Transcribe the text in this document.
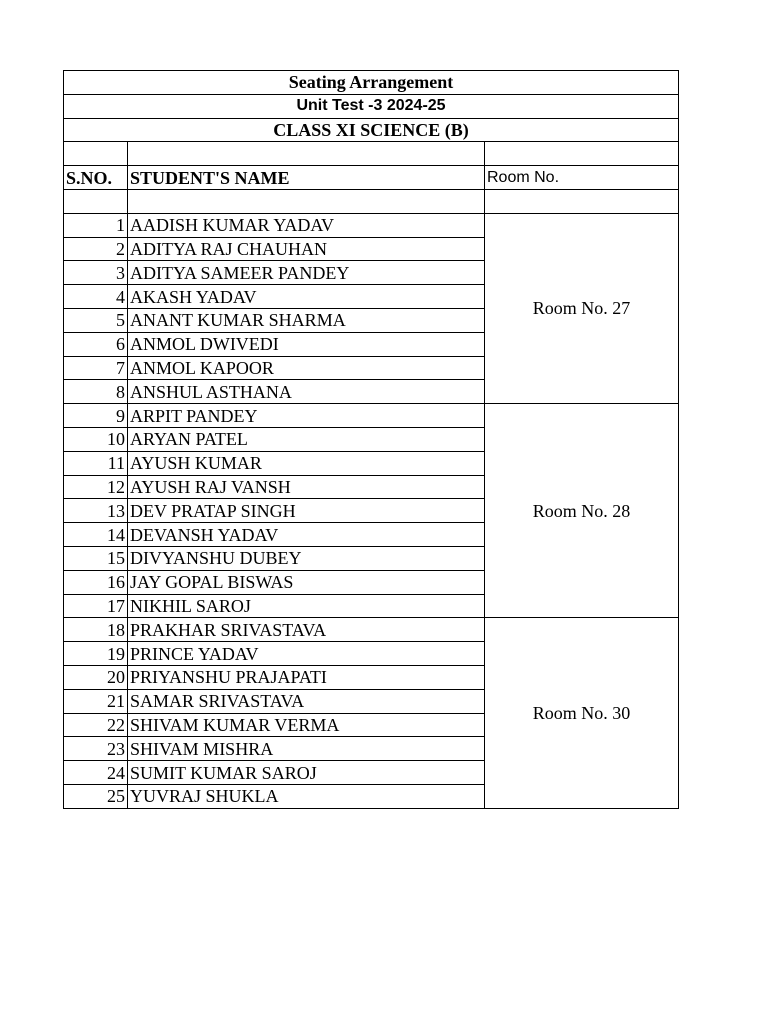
Seating Arrangement		
Unit Test -3 2024-25		
CLASS XI SCIENCE (B)		

S.NO.	STUDENT'S NAME	Room No.

1	AADISH KUMAR YADAV	Room No. 27
2	ADITYA RAJ CHAUHAN	
3	ADITYA SAMEER PANDEY	
4	AKASH YADAV	
5	ANANT KUMAR SHARMA	
6	ANMOL DWIVEDI	
7	ANMOL KAPOOR	
8	ANSHUL ASTHANA	
9	ARPIT PANDEY	Room No. 28
10	ARYAN PATEL	
11	AYUSH KUMAR	
12	AYUSH RAJ VANSH	
13	DEV PRATAP SINGH	
14	DEVANSH YADAV	
15	DIVYANSHU DUBEY	
16	JAY GOPAL BISWAS	
17	NIKHIL SAROJ	
18	PRAKHAR SRIVASTAVA	Room No. 30
19	PRINCE YADAV	
20	PRIYANSHU PRAJAPATI	
21	SAMAR SRIVASTAVA	
22	SHIVAM KUMAR VERMA	
23	SHIVAM MISHRA	
24	SUMIT KUMAR SAROJ	
25	YUVRAJ SHUKLA	
